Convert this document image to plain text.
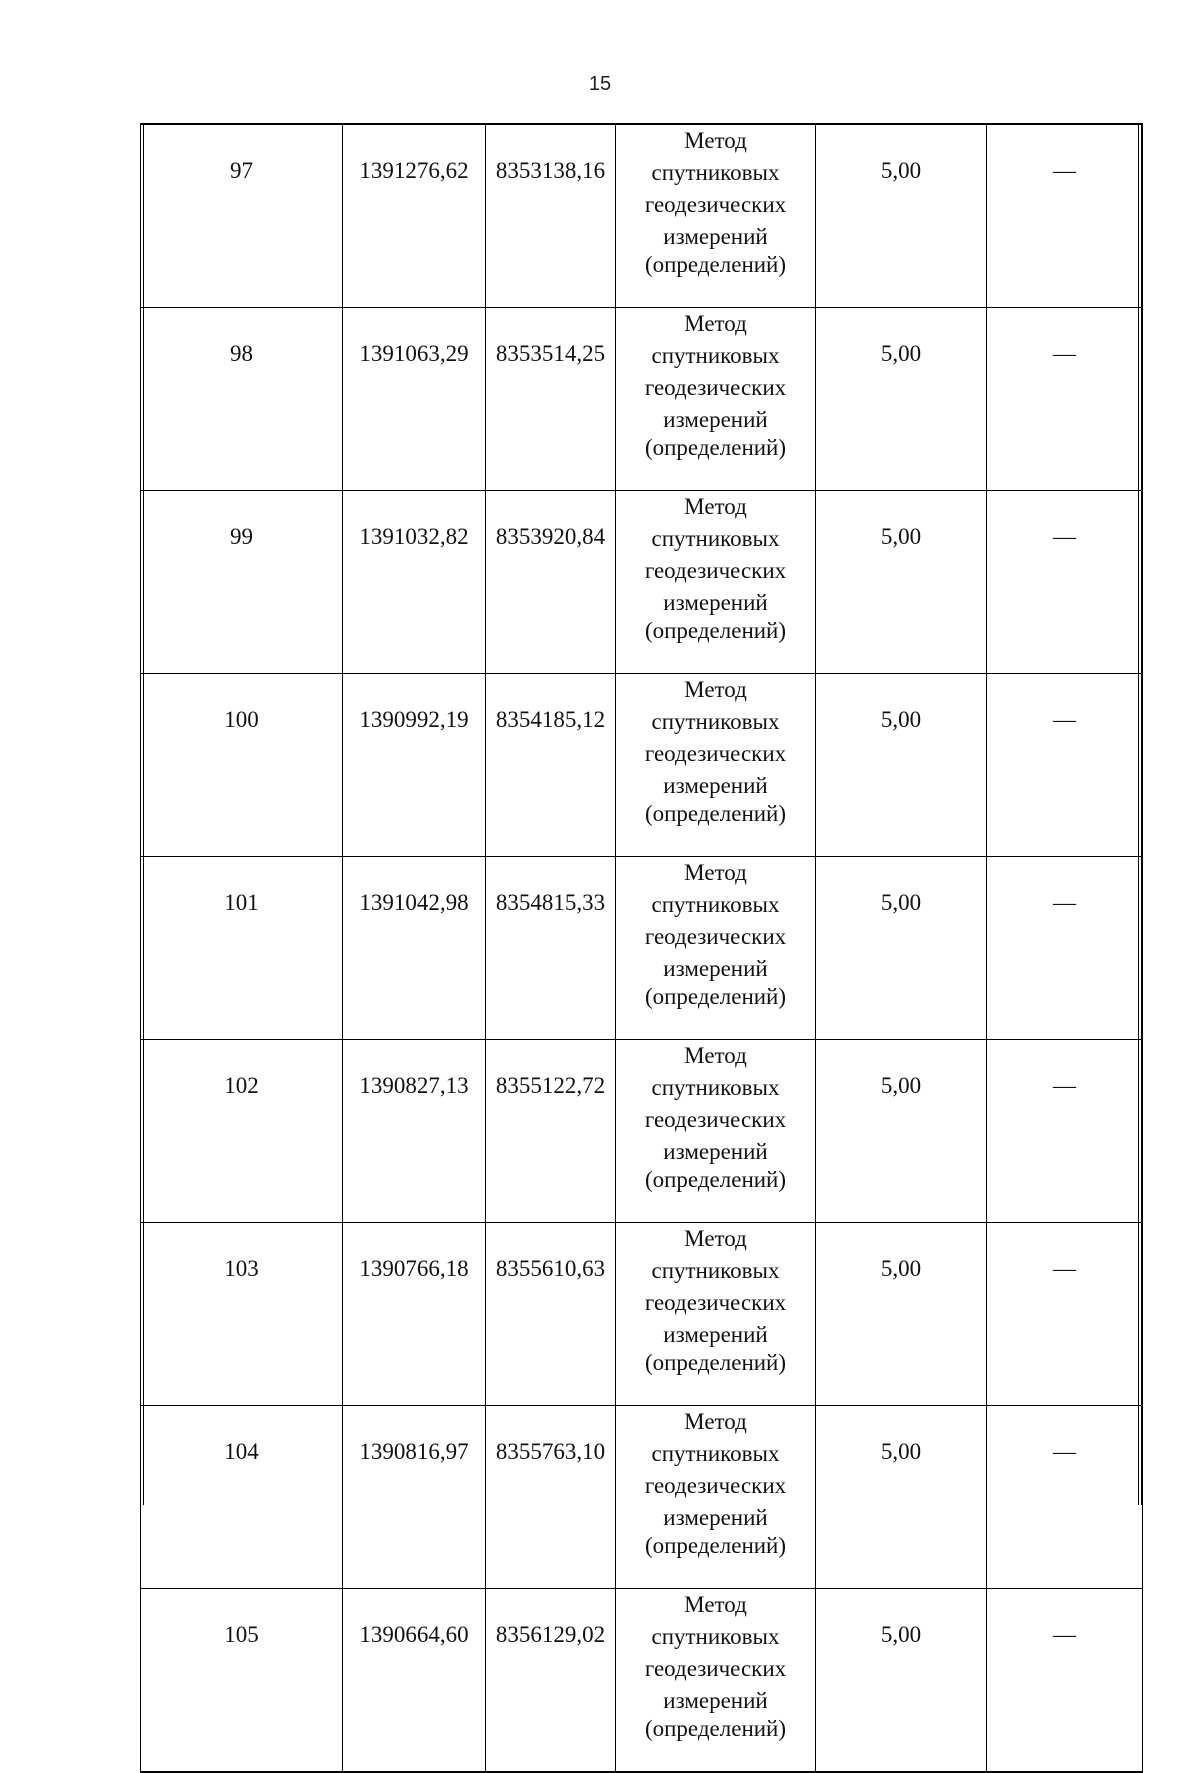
15
97	1391276,62	8353138,16	Метод
спутниковых
геодезических
измерений
(определений)	5,00	—
98	1391063,29	8353514,25	Метод
спутниковых
геодезических
измерений
(определений)	5,00	—
99	1391032,82	8353920,84	Метод
спутниковых
геодезических
измерений
(определений)	5,00	—
100	1390992,19	8354185,12	Метод
спутниковых
геодезических
измерений
(определений)	5,00	—
101	1391042,98	8354815,33	Метод
спутниковых
геодезических
измерений
(определений)	5,00	—
102	1390827,13	8355122,72	Метод
спутниковых
геодезических
измерений
(определений)	5,00	—
103	1390766,18	8355610,63	Метод
спутниковых
геодезических
измерений
(определений)	5,00	—
104	1390816,97	8355763,10	Метод
спутниковых
геодезических
измерений
(определений)	5,00	—
105	1390664,60	8356129,02	Метод
спутниковых
геодезических
измерений
(определений)	5,00	—
